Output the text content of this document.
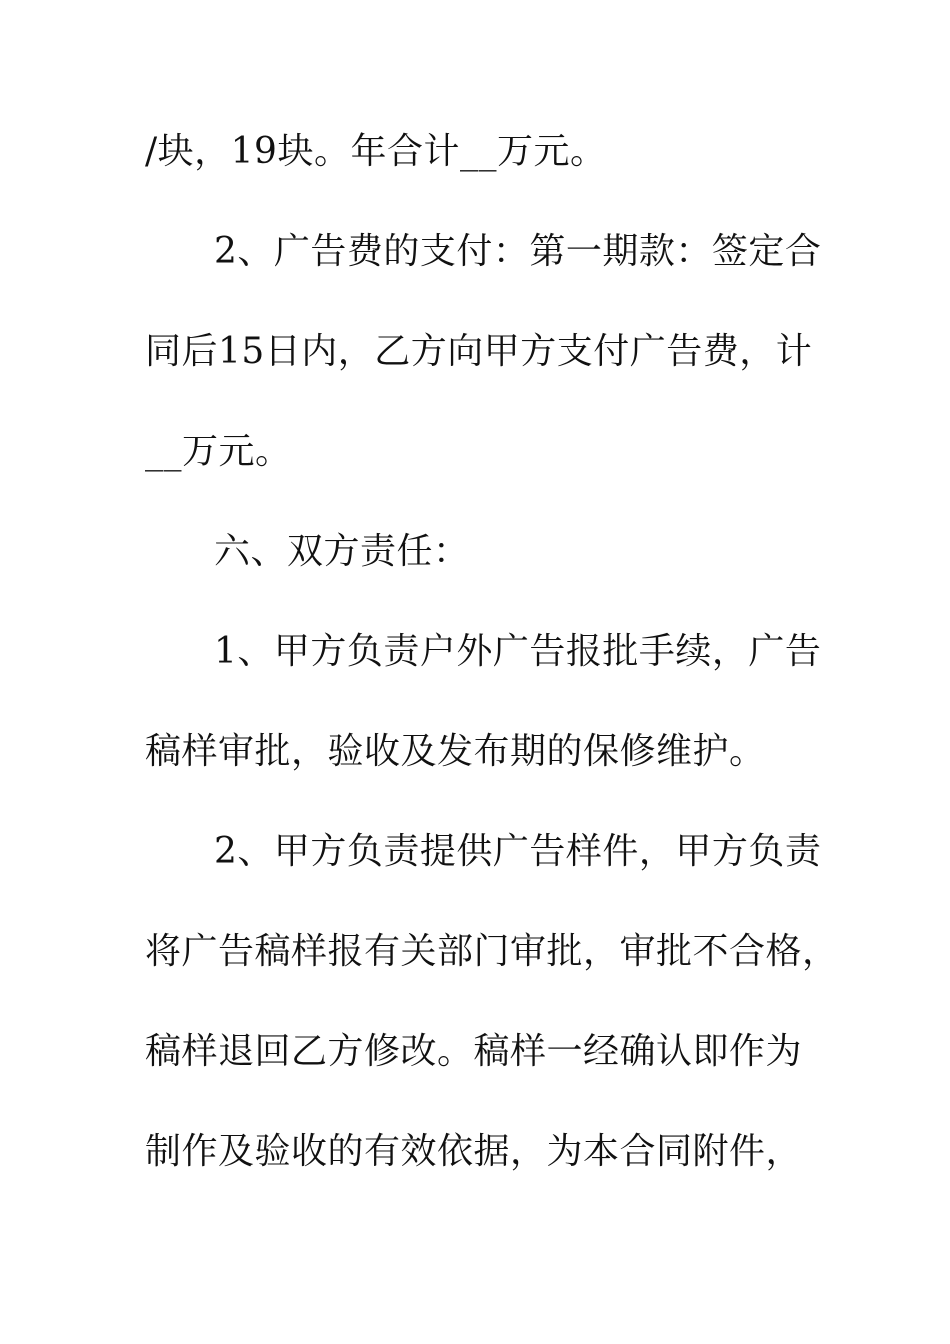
/块，19块。年合计__万元。
2、广告费的支付：第一期款：签定合
同后15日内，乙方向甲方支付广告费，计
__万元。
六、双方责任：
1、甲方负责户外广告报批手续，广告
稿样审批，验收及发布期的保修维护。
2、甲方负责提供广告样件，甲方负责
将广告稿样报有关部门审批，审批不合格，
稿样退回乙方修改。稿样一经确认即作为
制作及验收的有效依据，为本合同附件，
